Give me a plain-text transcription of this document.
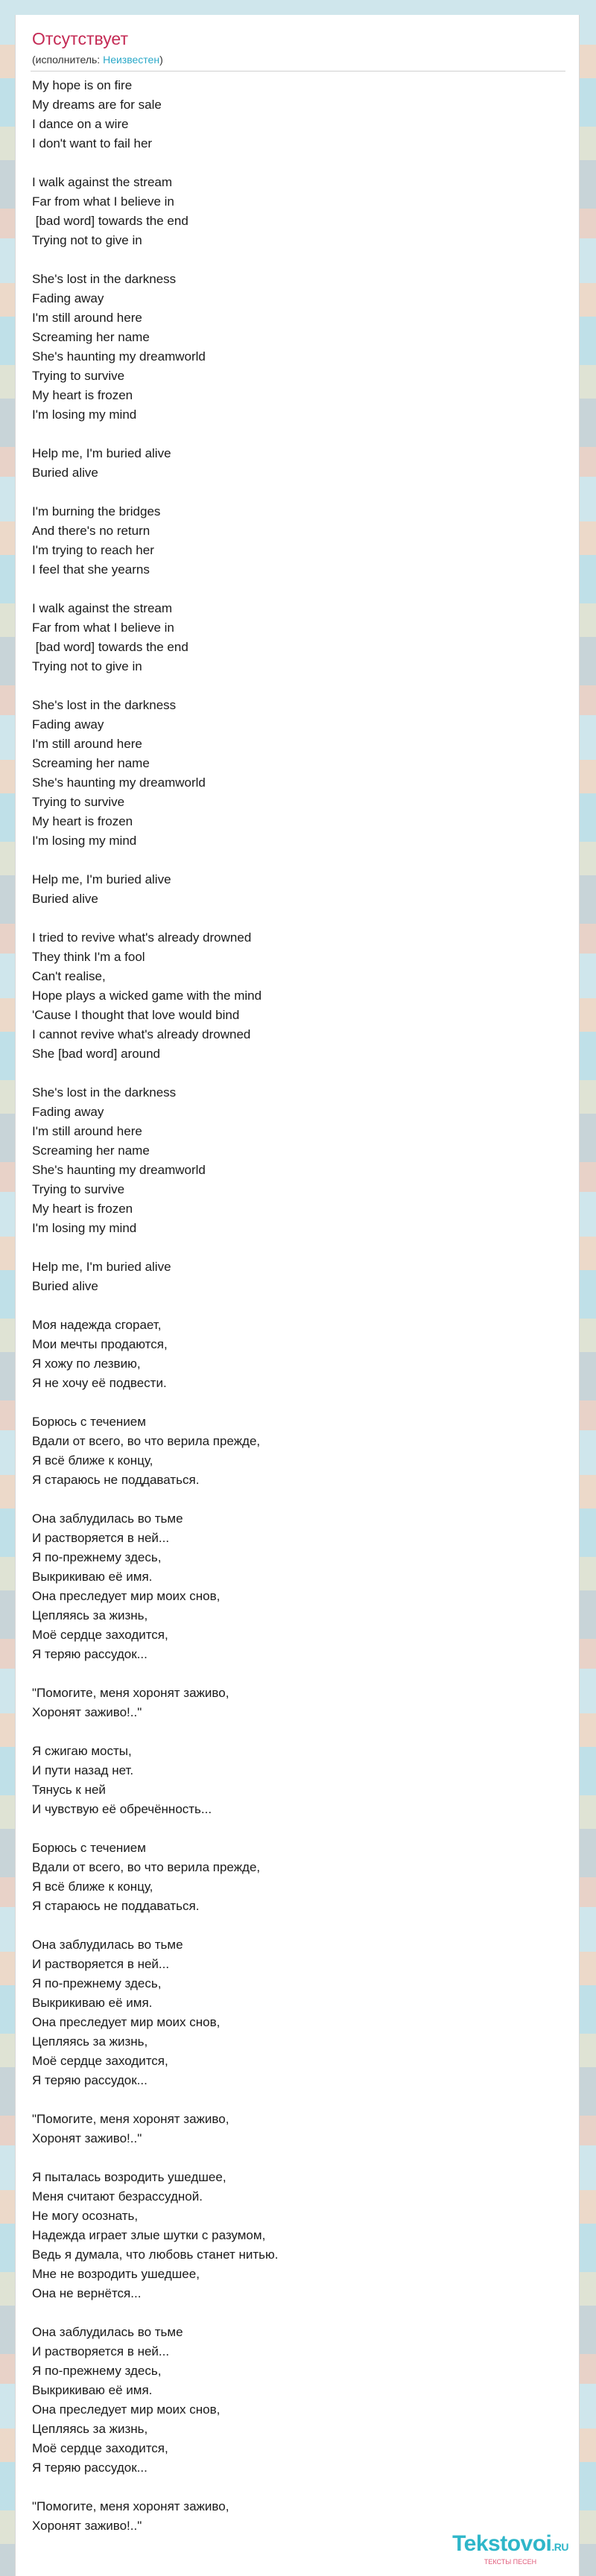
Отсутствует
(исполнитель: Неизвестен)
My hope is on fire
My dreams are for sale
I dance on a wire
I don't want to fail her
I walk against the stream
Far from what I believe in
[bad word] towards the end
Trying not to give in
She's lost in the darkness
Fading away
I'm still around here
Screaming her name
She's haunting my dreamworld
Trying to survive
My heart is frozen
I'm losing my mind
Help me, I'm buried alive
Buried alive
I'm burning the bridges
And there's no return
I'm trying to reach her
I feel that she yearns
I walk against the stream
Far from what I believe in
[bad word] towards the end
Trying not to give in
She's lost in the darkness
Fading away
I'm still around here
Screaming her name
She's haunting my dreamworld
Trying to survive
My heart is frozen
I'm losing my mind
Help me, I'm buried alive
Buried alive
I tried to revive what's already drowned
They think I'm a fool
Can't realise,
Hope plays a wicked game with the mind
'Cause I thought that love would bind
I cannot revive what's already drowned
She [bad word] around
She's lost in the darkness
Fading away
I'm still around here
Screaming her name
She's haunting my dreamworld
Trying to survive
My heart is frozen
I'm losing my mind
Help me, I'm buried alive
Buried alive
Моя надежда сгорает,
Мои мечты продаются,
Я хожу по лезвию,
Я не хочу её подвести.
Борюсь с течением
Вдали от всего, во что верила прежде,
Я всё ближе к концу,
Я стараюсь не поддаваться.
Она заблудилась во тьме
И растворяется в ней...
Я по-прежнему здесь,
Выкрикиваю её имя.
Она преследует мир моих снов,
Цепляясь за жизнь,
Моё сердце заходится,
Я теряю рассудок...
"Помогите, меня хоронят заживо,
Хоронят заживо!.."
Я сжигаю мосты,
И пути назад нет.
Тянусь к ней
И чувствую её обречённость...
Борюсь с течением
Вдали от всего, во что верила прежде,
Я всё ближе к концу,
Я стараюсь не поддаваться.
Она заблудилась во тьме
И растворяется в ней...
Я по-прежнему здесь,
Выкрикиваю её имя.
Она преследует мир моих снов,
Цепляясь за жизнь,
Моё сердце заходится,
Я теряю рассудок...
"Помогите, меня хоронят заживо,
Хоронят заживо!.."
Я пыталась возродить ушедшее,
Меня считают безрассудной.
Не могу осознать,
Надежда играет злые шутки с разумом,
Ведь я думала, что любовь станет нитью.
Мне не возродить ушедшее,
Она не вернётся...
Она заблудилась во тьме
И растворяется в ней...
Я по-прежнему здесь,
Выкрикиваю её имя.
Она преследует мир моих снов,
Цепляясь за жизнь,
Моё сердце заходится,
Я теряю рассудок...
"Помогите, меня хоронят заживо,
Хоронят заживо!.."
Tekstovoi.RU
ТЕКСТЫ ПЕСЕН
